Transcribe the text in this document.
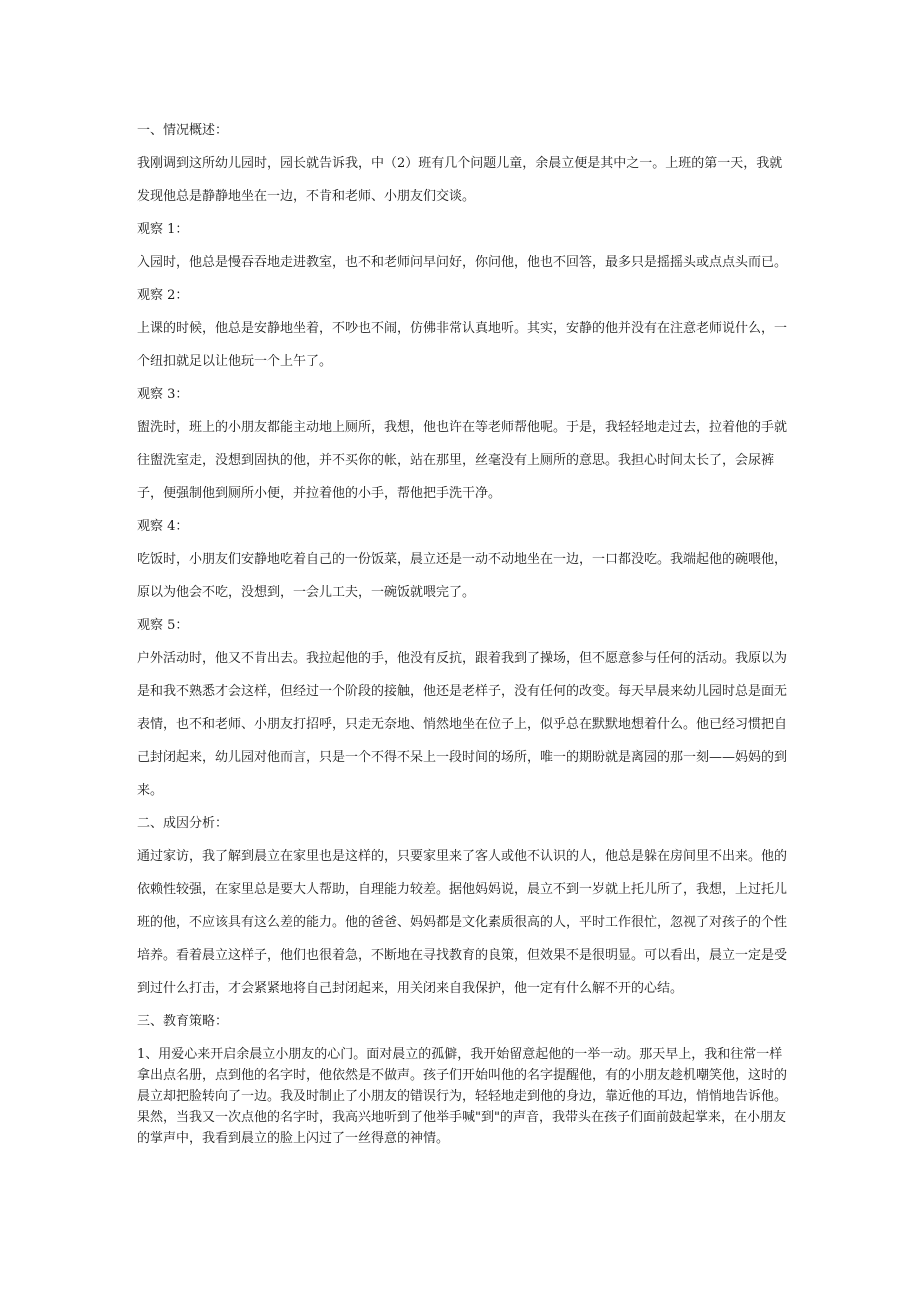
一、情况概述：

我刚调到这所幼儿园时，园长就告诉我，中（2）班有几个问题儿童，余晨立便是其中之一。上班的第一天，我就发现他总是静静地坐在一边，不肯和老师、小朋友们交谈。

观察 1：

入园时，他总是慢吞吞地走进教室，也不和老师问早问好，你问他，他也不回答，最多只是摇摇头或点点头而已。

观察 2：

上课的时候，他总是安静地坐着，不吵也不闹，仿佛非常认真地听。其实，安静的他并没有在注意老师说什么，一个纽扣就足以让他玩一个上午了。

观察 3：

盥洗时，班上的小朋友都能主动地上厕所，我想，他也许在等老师帮他呢。于是，我轻轻地走过去，拉着他的手就往盥洗室走，没想到固执的他，并不买你的帐，站在那里，丝毫没有上厕所的意思。我担心时间太长了，会尿裤子，便强制他到厕所小便，并拉着他的小手，帮他把手洗干净。

观察 4：

吃饭时，小朋友们安静地吃着自己的一份饭菜，晨立还是一动不动地坐在一边，一口都没吃。我端起他的碗喂他，原以为他会不吃，没想到，一会儿工夫，一碗饭就喂完了。

观察 5：

户外活动时，他又不肯出去。我拉起他的手，他没有反抗，跟着我到了操场，但不愿意参与任何的活动。我原以为是和我不熟悉才会这样，但经过一个阶段的接触，他还是老样子，没有任何的改变。每天早晨来幼儿园时总是面无表情，也不和老师、小朋友打招呼，只走无奈地、悄然地坐在位子上，似乎总在默默地想着什么。他已经习惯把自己封闭起来，幼儿园对他而言，只是一个不得不呆上一段时间的场所，唯一的期盼就是离园的那一刻——妈妈的到来。

二、成因分析：

通过家访，我了解到晨立在家里也是这样的，只要家里来了客人或他不认识的人，他总是躲在房间里不出来。他的依赖性较强，在家里总是要大人帮助，自理能力较差。据他妈妈说，晨立不到一岁就上托儿所了，我想，上过托儿班的他，不应该具有这么差的能力。他的爸爸、妈妈都是文化素质很高的人，平时工作很忙，忽视了对孩子的个性培养。看着晨立这样子，他们也很着急，不断地在寻找教育的良策，但效果不是很明显。可以看出，晨立一定是受到过什么打击，才会紧紧地将自己封闭起来，用关闭来自我保护，他一定有什么解不开的心结。

三、教育策略：

1、用爱心来开启余晨立小朋友的心门。面对晨立的孤僻，我开始留意起他的一举一动。那天早上，我和往常一样拿出点名册，点到他的名字时，他依然是不做声。孩子们开始叫他的名字提醒他，有的小朋友趁机嘲笑他，这时的晨立却把脸转向了一边。我及时制止了小朋友的错误行为，轻轻地走到他的身边，靠近他的耳边，悄悄地告诉他。果然，当我又一次点他的名字时，我高兴地听到了他举手喊"到"的声音，我带头在孩子们面前鼓起掌来，在小朋友的掌声中，我看到晨立的脸上闪过了一丝得意的神情。
